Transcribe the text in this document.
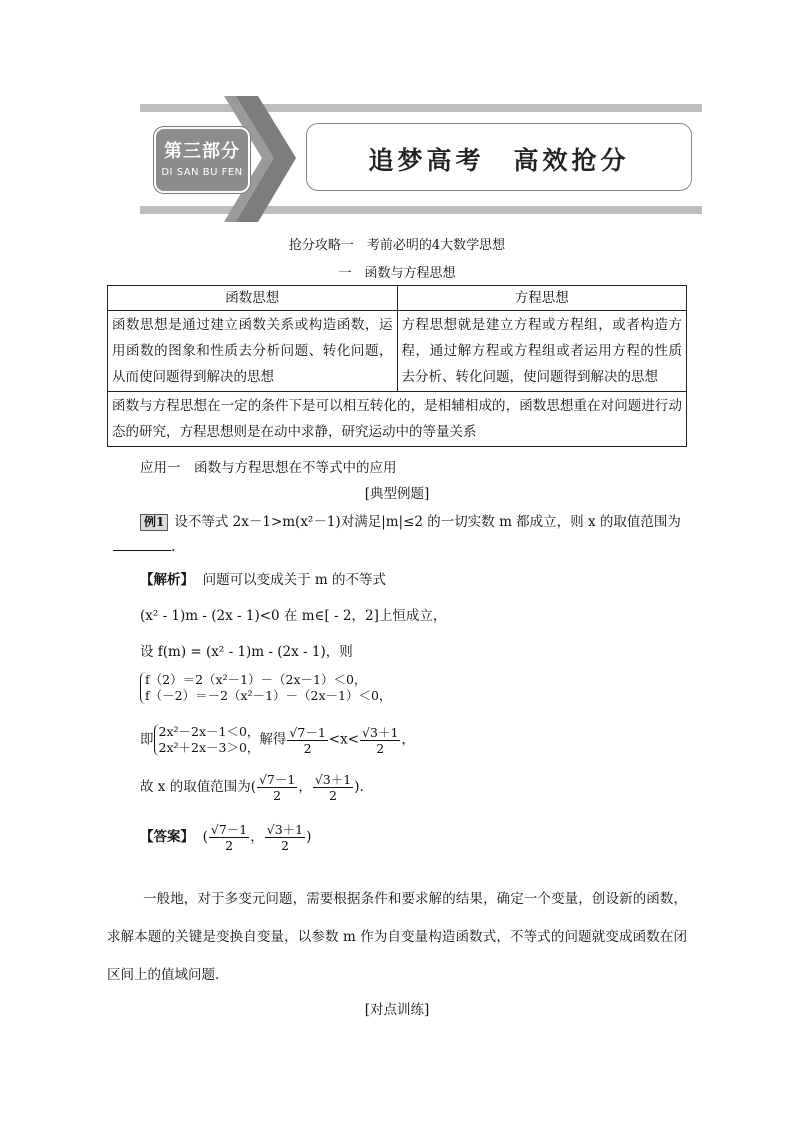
第三部分
DI SAN BU FEN	追梦高考　高效抢分
抢分攻略一　考前必明的4大数学思想
一　函数与方程思想
函数思想	方程思想
函数思想是通过建立函数关系或构造函数，运用函数的图象和性质去分析问题、转化问题，从而使问题得到解决的思想	方程思想就是建立方程或方程组，或者构造方程，通过解方程或方程组或者运用方程的性质去分析、转化问题，使问题得到解决的思想
函数与方程思想在一定的条件下是可以相互转化的，是相辅相成的，函数思想重在对问题进行动态的研究，方程思想则是在动中求静，研究运动中的等量关系	
应用一　函数与方程思想在不等式中的应用
[典型例题]
例1 设不等式 2x－1>m(x²－1)对满足|m|≤2 的一切实数 m 都成立，则 x 的取值范围为
.
【解析】 问题可以变成关于 m 的不等式
(x² - 1)m - (2x - 1)<0 在 m∈[ - 2，2]上恒成立，
设 f(m) = (x² - 1)m - (2x - 1)，则
f（2）＝2（x²－1）－（2x－1）＜0，
f（－2）＝－2（x²－1）－（2x－1）＜0，
即 2x²－2x－1＜0，
2x²＋2x－3＞0， 解得 $\frac{√7-1}{2} <x< \frac{√3+1}{2}$ ，
故 x 的取值范围为( $\frac{√7-1}{2}$ ， $\frac{√3+1}{2}$ ).
【答案】 ( $\frac{√7-1}{2}$ ， $\frac{√3+1}{2}$ )
一般地，对于多变元问题，需要根据条件和要求解的结果，确定一个变量，创设新的函数，求解本题的关键是变换自变量，以参数 m 作为自变量构造函数式，不等式的问题就变成函数在闭区间上的值域问题．
[对点训练]
